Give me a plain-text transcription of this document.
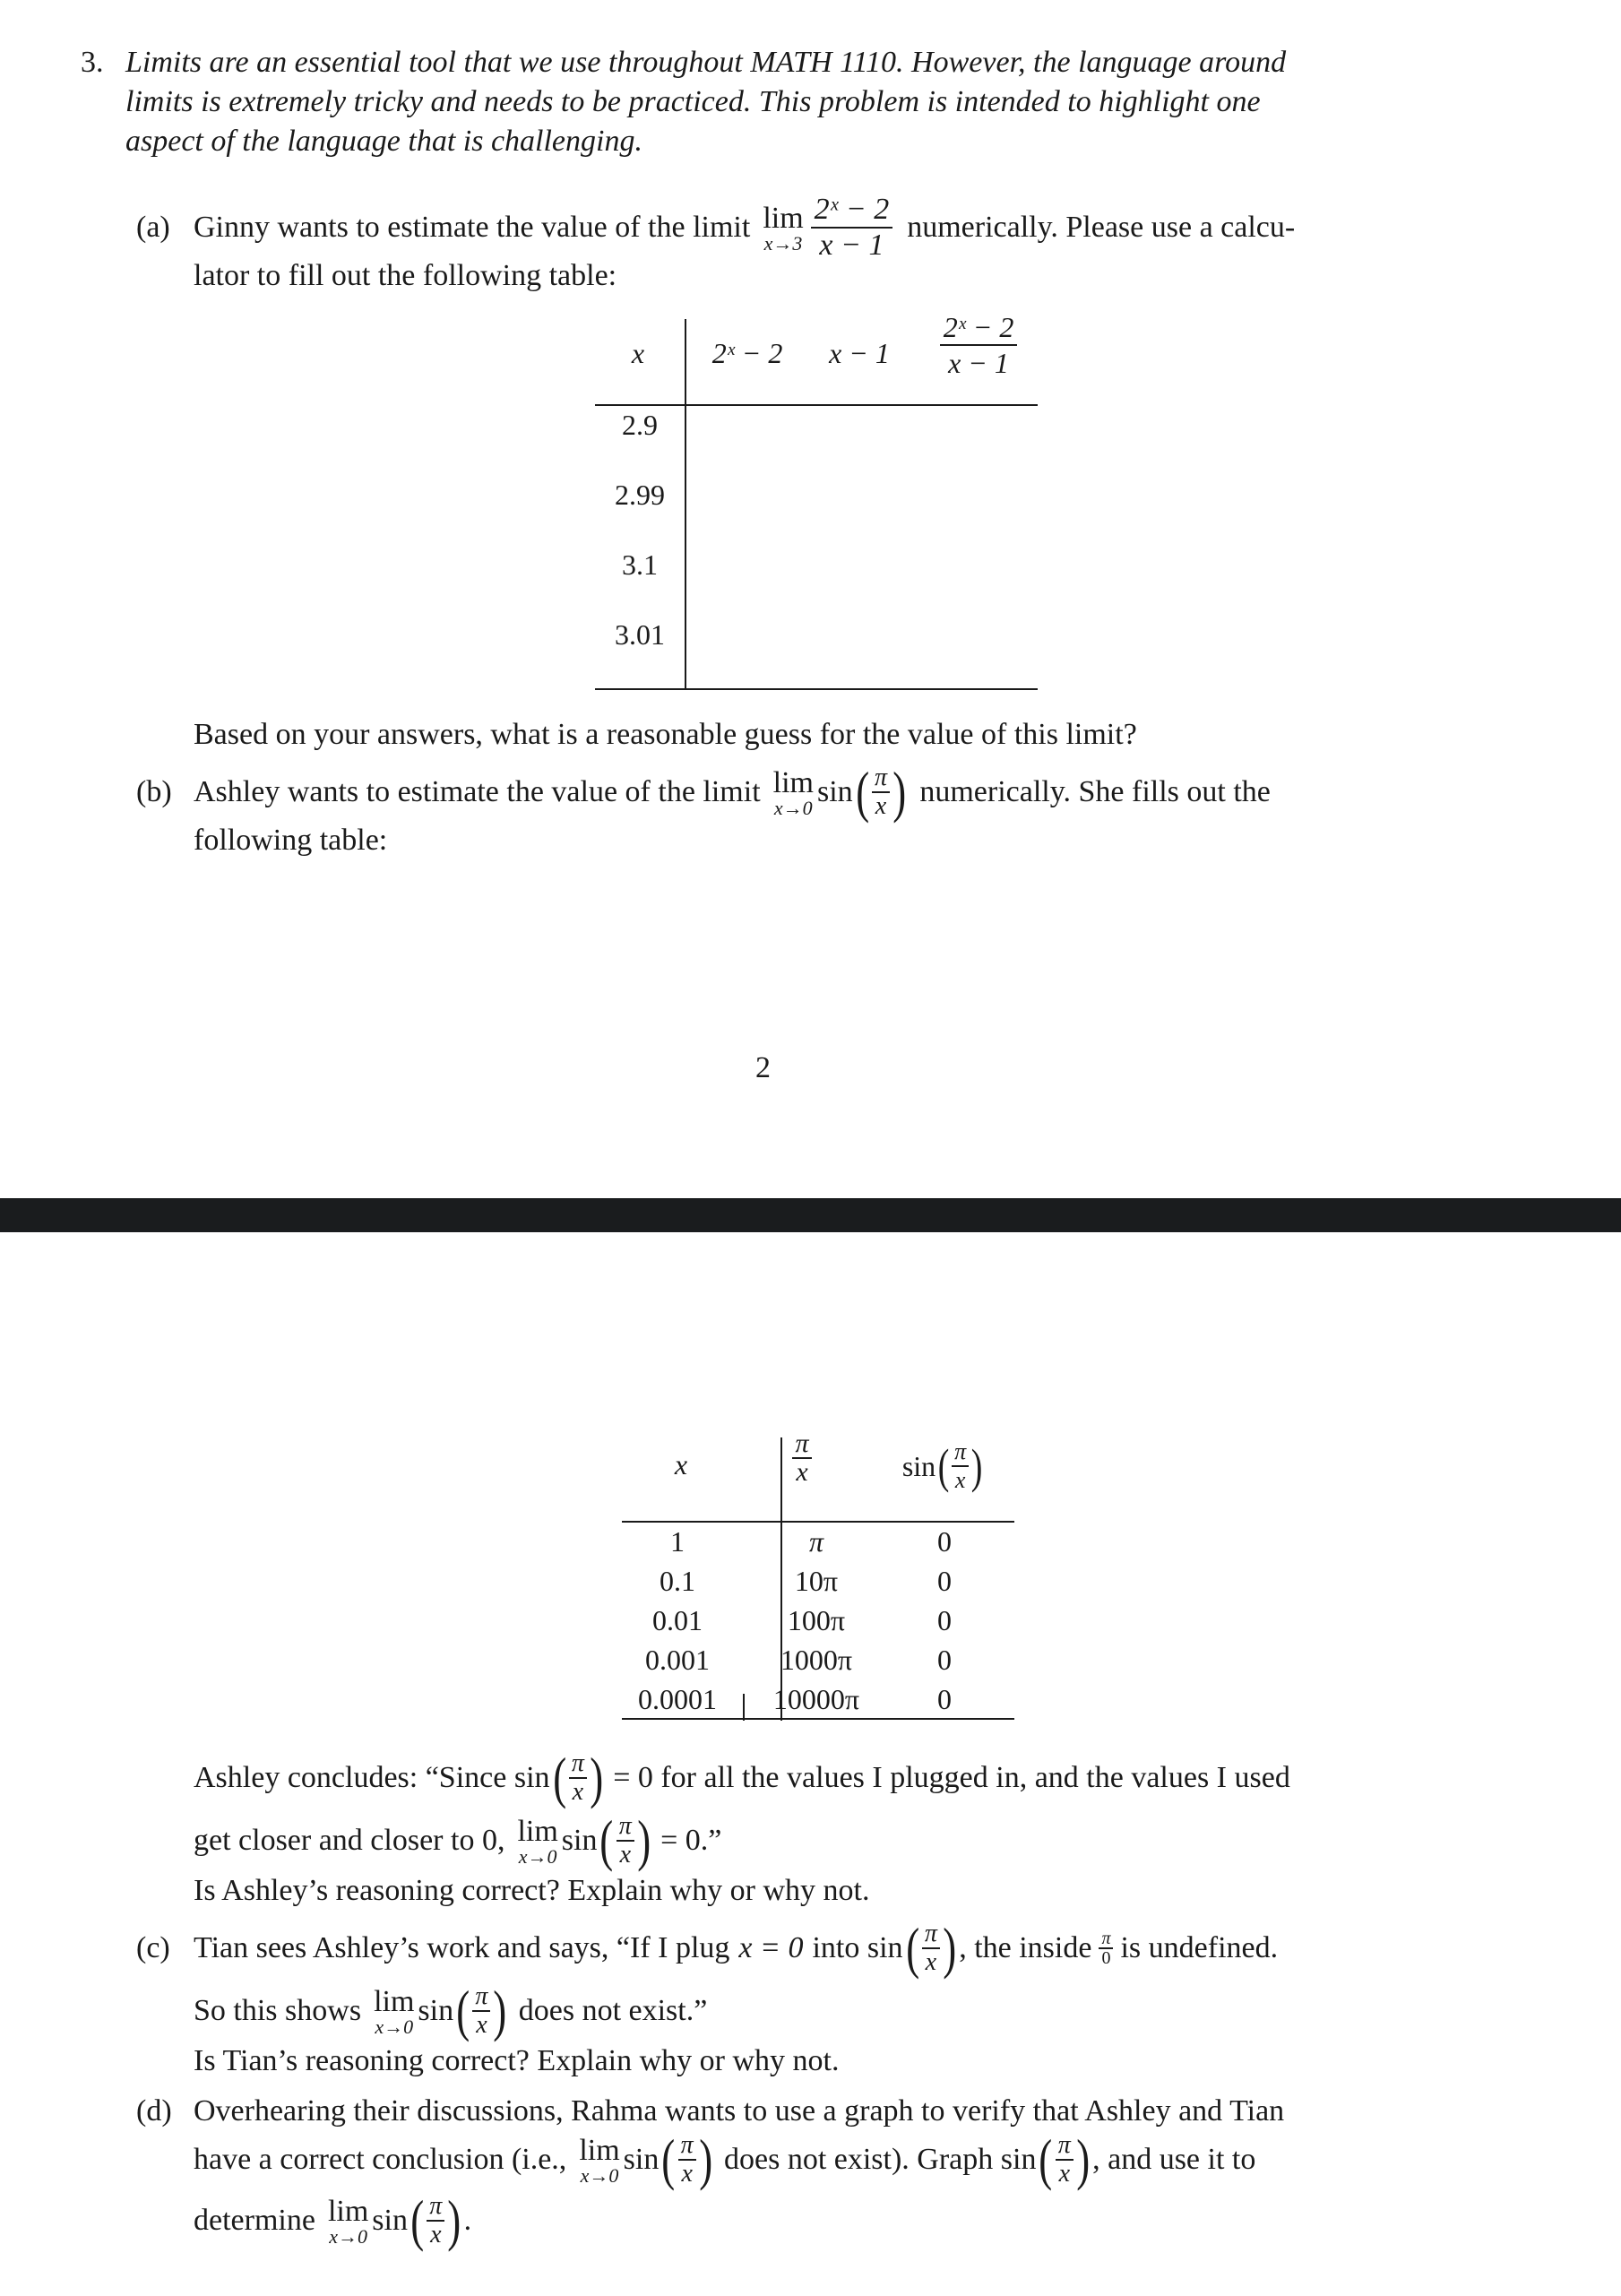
3. Limits are an essential tool that we use throughout MATH 1110. However, the language around
limits is extremely tricky and needs to be practiced. This problem is intended to highlight one
aspect of the language that is challenging.
(a) Ginny wants to estimate the value of the limit lim
$x\to 3 \frac{\text{2ˣ − 2}}{x - 1}$ numerically. Please use a calcu-
lator to fill out the following table:
x	2ˣ − 2	x − 1	$\frac{\text{2ˣ − 2}}{x - 1}$
2.9
2.99
3.1
3.01
Based on your answers, what is a reasonable guess for the value of this limit?
(b) Ashley wants to estimate the value of the limit lim
x→0 sin ( $\frac{\pi}{x}$ ) numerically. She fills out the
following table:
2
x	$\frac{\pi}{x}$	sin ( $\frac{\pi}{x}$ )
1	π	0
0.1	10π	0
0.01	100π	0
0.001	1000π	0
0.0001	10000π	0
Ashley concludes: “Since sin ( $\frac{\pi}{x}$ ) = 0 for all the values I plugged in, and the values I used
get closer and closer to 0, lim
x→0 sin ( $\frac{\pi}{x}$ ) = 0.”
Is Ashley’s reasoning correct? Explain why or why not.
(c) Tian sees Ashley’s work and says, “If I plug x = 0 into sin ( $\frac{\pi}{x}$ ) , the inside $\frac{\pi}{0}$ is undefined.
So this shows lim
x→0 sin ( $\frac{\pi}{x}$ ) does not exist.”
Is Tian’s reasoning correct? Explain why or why not.
(d) Overhearing their discussions, Rahma wants to use a graph to verify that Ashley and Tian
have a correct conclusion (i.e., lim
x→0 sin ( $\frac{\pi}{x}$ ) does not exist). Graph sin ( $\frac{\pi}{x}$ ) , and use it to
determine lim
x→0 sin ( $\frac{\pi}{x}$ ) .
